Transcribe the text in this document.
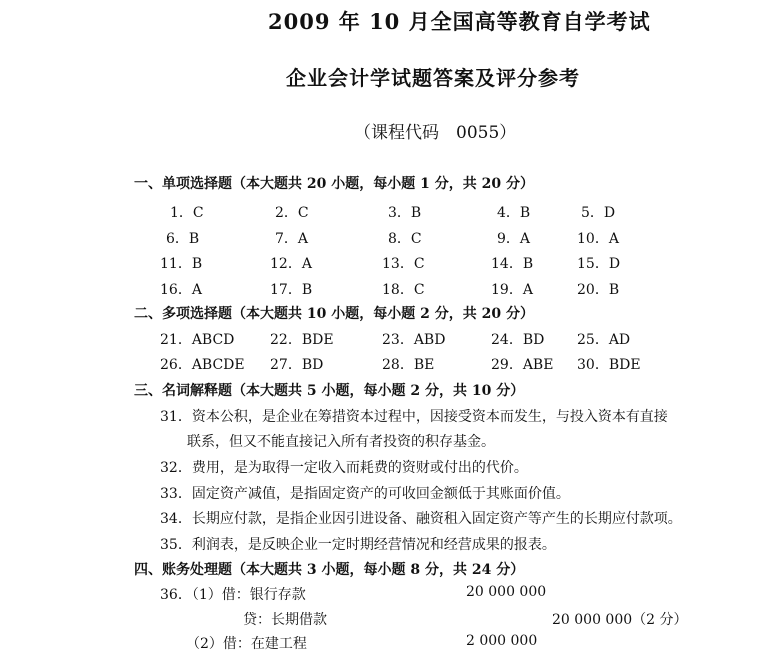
2009 年 10 月全国高等教育自学考试
企业会计学试题答案及评分参考
（课程代码　0055）
一、单项选择题（本大题共 20 小题，每小题 1 分，共 20 分）
1．C	2．C	3．B	4．B	5．D
6．B	7．A	8．C	9．A	10．A
11．B	12．A	13．C	14．B	15．D
16．A	17．B	18．C	19．A	20．B
二、多项选择题（本大题共 10 小题，每小题 2 分，共 20 分）
21．ABCD	22．BDE	23．ABD	24．BD 25．AD
26．ABCDE 27．BD	28．BE	29．ABE 30．BDE
三、名词解释题（本大题共 5 小题，每小题 2 分，共 10 分）
31．资本公积，是企业在筹措资本过程中，因接受资本而发生，与投入资本有直接
联系，但又不能直接记入所有者投资的积存基金。
32．费用，是为取得一定收入而耗费的资财或付出的代价。
33．固定资产减值，是指固定资产的可收回金额低于其账面价值。
34．长期应付款，是指企业因引进设备、融资租入固定资产等产生的长期应付款项。
35．利润表，是反映企业一定时期经营情况和经营成果的报表。
四、账务处理题（本大题共 3 小题，每小题 8 分，共 24 分）
36．（1）借：银行存款	20 000 000
贷：长期借款	20 000 000（2 分）
（2）借：在建工程	2 000 000
